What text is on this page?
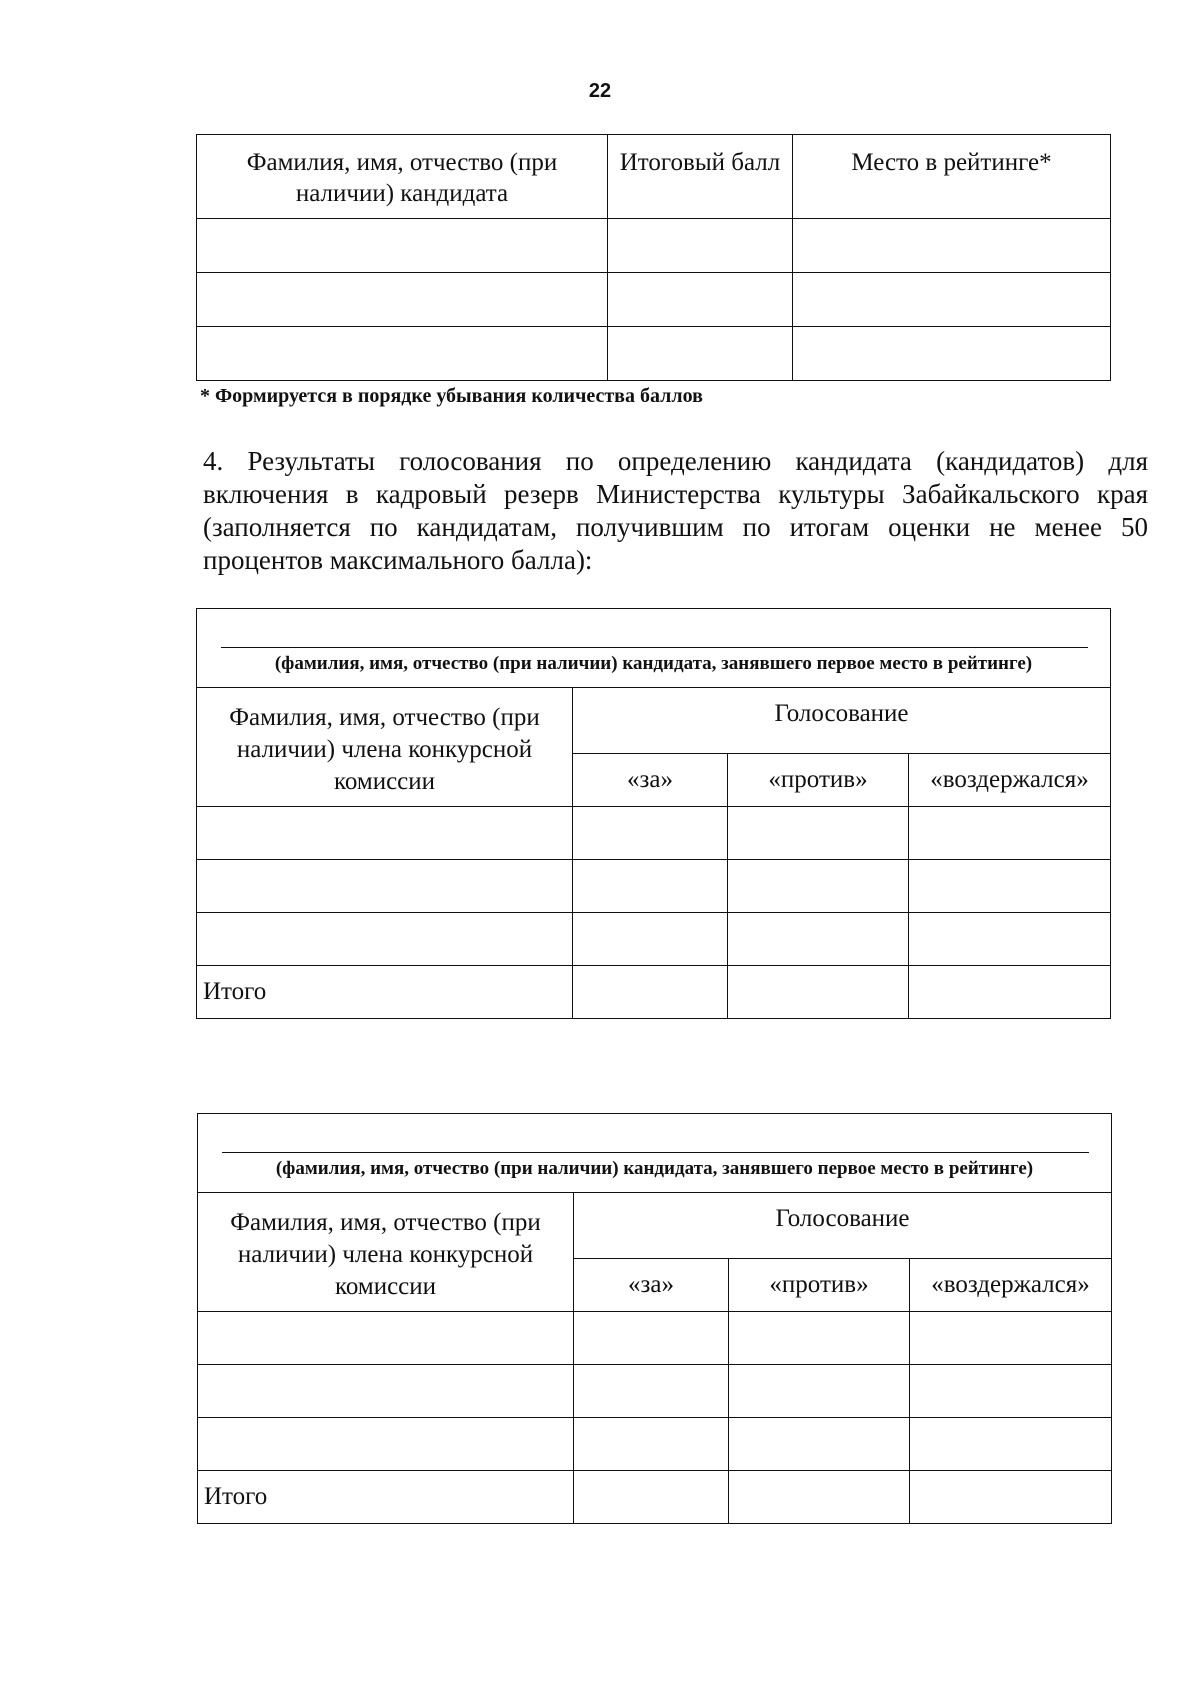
22
Фамилия, имя, отчество (при наличии) кандидата	Итоговый балл	Место в рейтинге*

* Формируется в порядке убывания количества баллов
4. Результаты голосования по определению кандидата (кандидатов) для включения в кадровый резерв Министерства культуры Забайкальского края (заполняется по кандидатам, получившим по итогам оценки не менее 50 процентов максимального балла):
(фамилия, имя, отчество (при наличии) кандидата, занявшего первое место в рейтинге)			

Фамилия, имя, отчество (при наличии) члена конкурсной комиссии	Голосование		
	«за»	«против»	«воздержался»

Итого			
(фамилия, имя, отчество (при наличии) кандидата, занявшего первое место в рейтинге)			

Фамилия, имя, отчество (при наличии) члена конкурсной комиссии	Голосование		
	«за»	«против»	«воздержался»

Итого			
